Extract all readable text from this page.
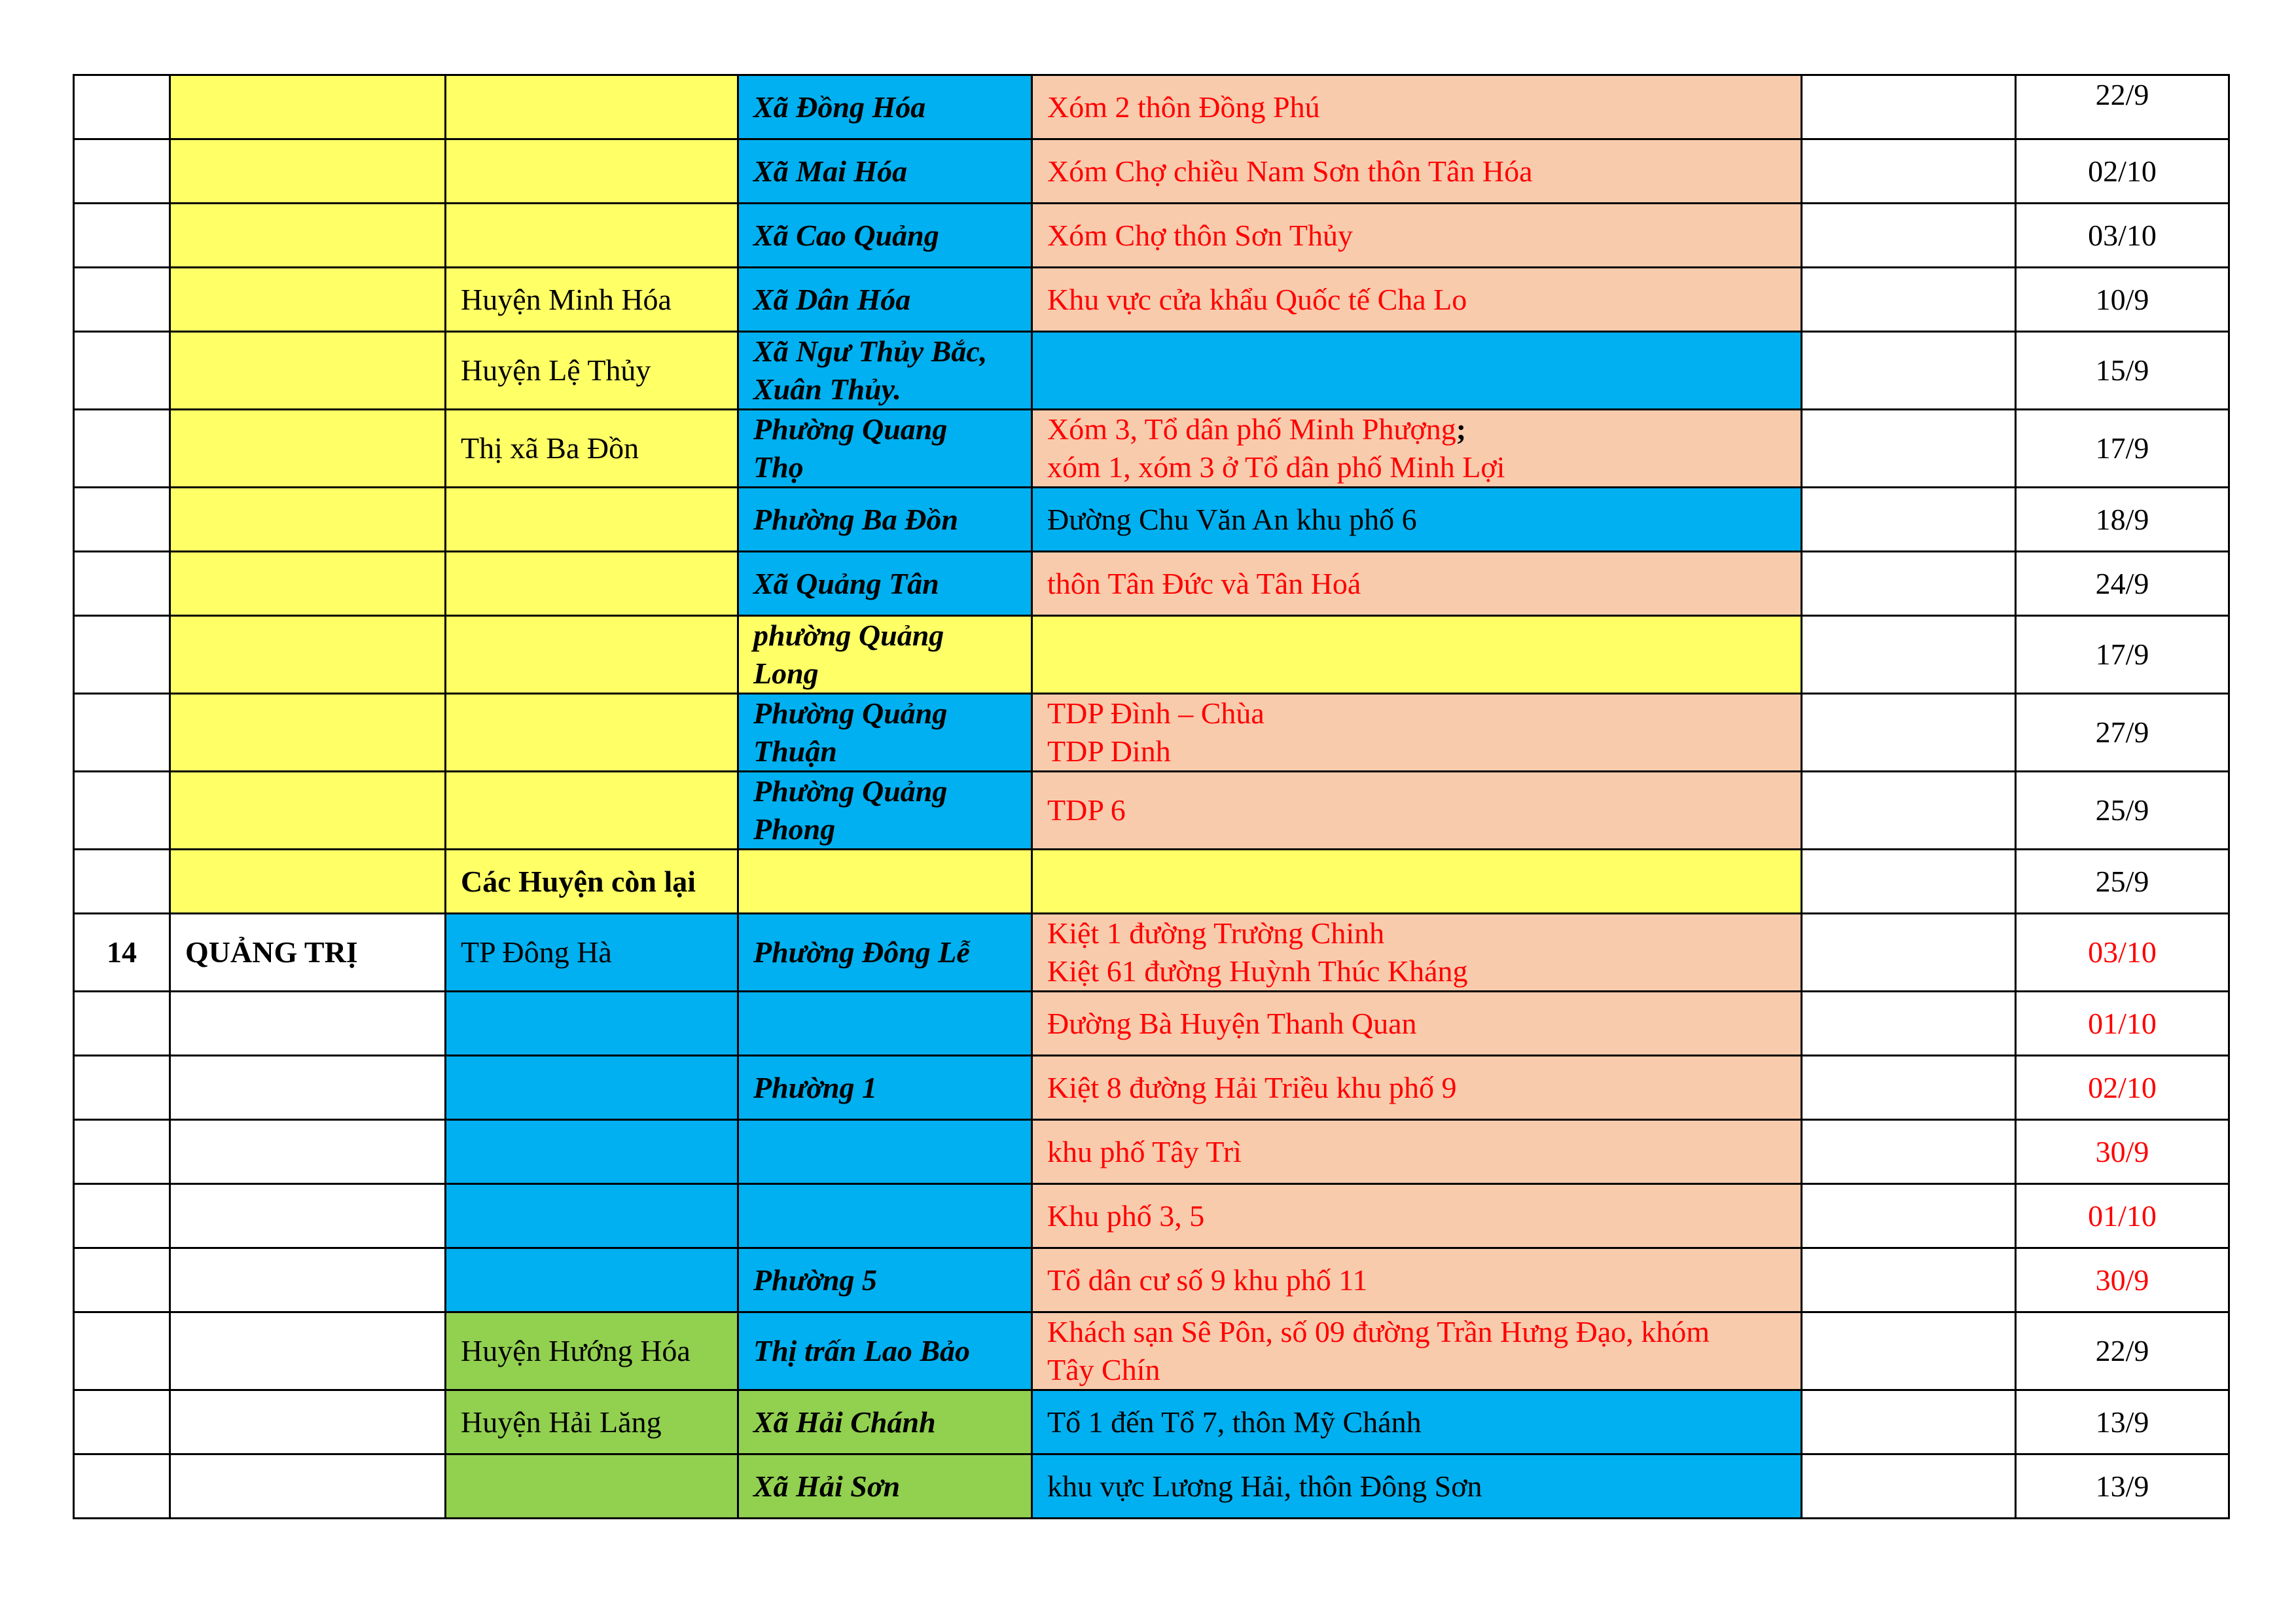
			Xã Đồng Hóa	Xóm 2 thôn Đồng Phú		22/9

			Xã Mai Hóa	Xóm Chợ chiều Nam Sơn thôn Tân Hóa		02/10

			Xã Cao Quảng	Xóm Chợ thôn Sơn Thủy		03/10

		Huyện Minh Hóa	Xã Dân Hóa	Khu vực cửa khẩu Quốc tế Cha Lo		10/9

		Huyện Lệ Thủy	Xã Ngư Thủy Bắc,
Xuân Thủy.			15/9

		Thị xã Ba Đồn	Phường Quang
Thọ	Xóm 3, Tổ dân phố Minh Phượng;
xóm 1, xóm 3 ở Tổ dân phố Minh Lợi		17/9

			Phường Ba Đồn	Đường Chu Văn An khu phố 6		18/9

			Xã Quảng Tân	thôn Tân Đức và Tân Hoá		24/9

			phường Quảng
Long			17/9

			Phường Quảng
Thuận	TDP Đình – Chùa
TDP Dinh		27/9

			Phường Quảng
Phong	TDP 6		25/9

		Các Huyện còn lại				25/9

14	QUẢNG TRỊ	TP Đông Hà	Phường Đông Lễ	Kiệt 1 đường Trường Chinh
Kiệt 61 đường Huỳnh Thúc Kháng		03/10

				Đường Bà Huyện Thanh Quan		01/10

			Phường 1	Kiệt 8 đường Hải Triều khu phố 9		02/10

				khu phố Tây Trì		30/9

				Khu phố 3, 5		01/10

			Phường 5	Tổ dân cư số 9 khu phố 11		30/9

		Huyện Hướng Hóa	Thị trấn Lao Bảo	Khách sạn Sê Pôn, số 09 đường Trần Hưng Đạo, khóm
Tây Chín		22/9

		Huyện Hải Lăng	Xã Hải Chánh	Tổ 1 đến Tổ 7, thôn Mỹ Chánh		13/9

			Xã Hải Sơn	khu vực Lương Hải, thôn Đông Sơn		13/9
